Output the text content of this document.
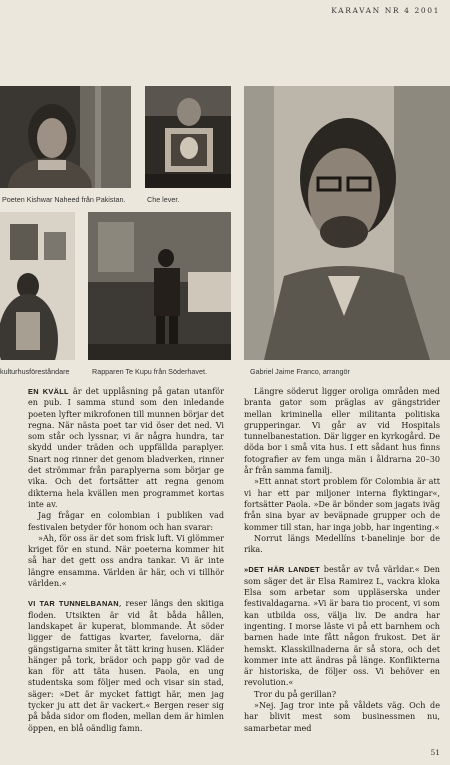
KARAVAN NR 4 2001
Poeten Kishwar Naheed från Pakistan.	Che lever.
kulturhusföreståndare	Rapparen Te Kupu från Söderhavet.	Gabriel Jaime Franco, arrangör

EN KVÄLL är det upplåsning på gatan utanför en pub. I samma stund som den inledande poeten lyfter mikrofonen till munnen börjar det regna. När nästa poet tar vid öser det ned. Vi som står och lyssnar, vi är några hundra, tar skydd under träden och uppfällda paraplyer. Snart nog rinner det genom bladverken, rinner det strömmar från paraplyerna som börjar ge vika. Och det fortsätter att regna genom dikterna hela kvällen men programmet kortas inte av.

Jag frågar en colombian i publiken vad festivalen betyder för honom och han svarar:

»Ah, för oss är det som frisk luft. Vi glömmer kriget för en stund. När poeterna kommer hit så har det gett oss andra tankar. Vi är inte längre ensamma. Världen är här, och vi tillhör världen.«

VI TAR TUNNELBANAN, reser längs den skitiga floden. Utsikten är vid åt båda hållen, landskapet är kuperat, blommande. Åt söder ligger de fattigas kvarter, favelorna, där gängstigarna smiter åt tätt kring husen. Kläder hänger på tork, brädor och papp gör vad de kan för att täta husen. Paola, en ung studentska som följer med och visar sin stad, säger: »Det är mycket fattigt här, men jag tycker ju att det är vackert.« Bergen reser sig på båda sidor om floden, mellan dem är himlen öppen, en blå oändlig famn.

Längre söderut ligger oroliga områden med branta gator som präglas av gängstrider mellan kriminella eller militanta politiska grupperingar. Vi går av vid Hospitals tunnelbanestation. Där ligger en kyrkogård. De döda bor i små vita hus. I ett sådant hus finns fotografier av fem unga män i åldrarna 20–30 år från samma familj.

»Ett annat stort problem för Colombia är att vi har ett par miljoner interna flyktingar«, fortsätter Paola. »De är bönder som jagats iväg från sina byar av beväpnade grupper och de kommer till stan, har inga jobb, har ingenting.«

Norrut längs Medellíns t-banelinje bor de rika.

»DET HÄR LANDET består av två världar.« Den som säger det är Elsa Ramirez L, vackra kloka Elsa som arbetar som uppläserska under festivaldagarna. »Vi är bara tio procent, vi som kan utbilda oss, välja liv. De andra har ingenting. I morse läste vi på ett barnhem och barnen hade inte fått någon frukost. Det är hemskt. Klasskillnaderna är så stora, och det kommer inte att ändras på länge. Konflikterna är historiska, de följer oss. Vi behöver en revolution.«

Tror du på gerillan?

»Nej. Jag tror inte på våldets väg. Och de har blivit mest som businessmen nu, samarbetar med

51
